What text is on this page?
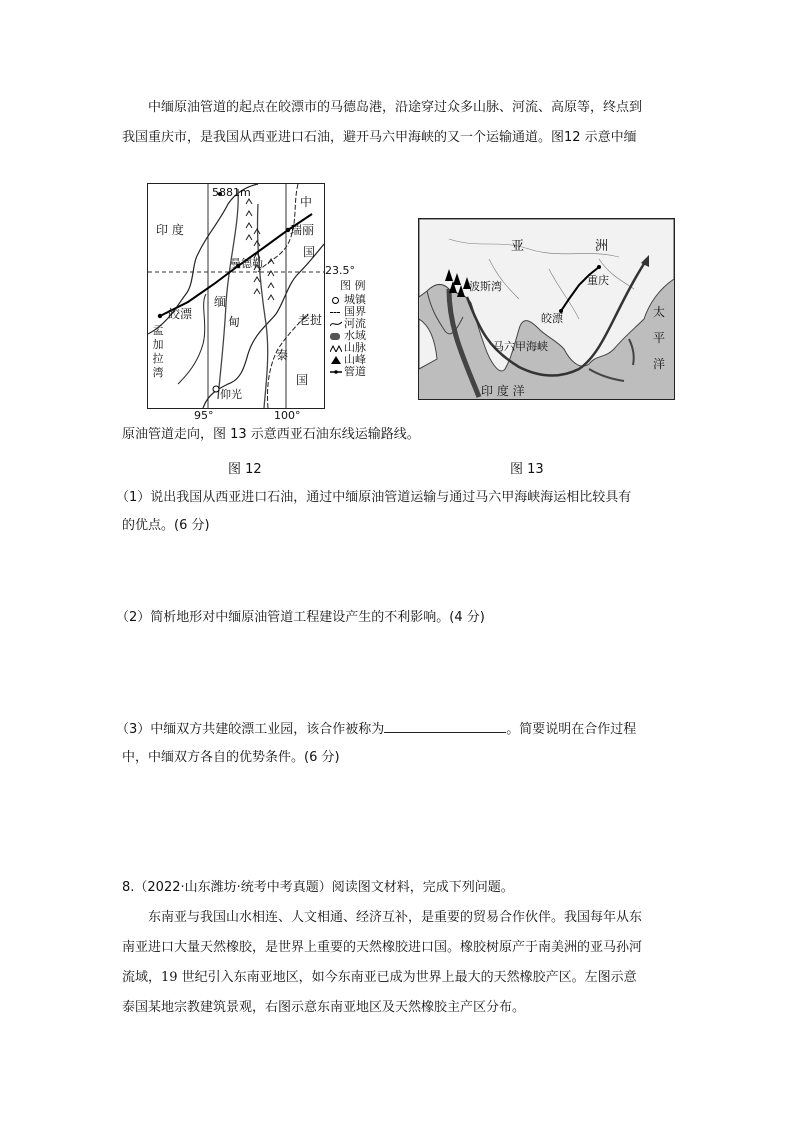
中缅原油管道的起点在皎漂市的马德岛港，沿途穿过众多山脉、河流、高原等，终点到
我国重庆市，是我国从西亚进口石油，避开马六甲海峡的又一个运输通道。图12 示意中缅
5881m
印 度
中
瑞丽
国
曼德勒
缅
甸
皎漂
孟加拉湾
仰光
泰
老挝
国
23.5°
图 例
城镇
国界
河流
水域
山脉
山峰
管道
95°	100°
亚	洲
波斯湾	重庆
皎漂
马六甲海峡
印 度 洋
太平洋
原油管道走向，图 13 示意西亚石油东线运输路线。
图 12	图 13
（1）说出我国从西亚进口石油，通过中缅原油管道运输与通过马六甲海峡海运相比较具有
的优点。(6 分)
（2）简析地形对中缅原油管道工程建设产生的不利影响。(4 分)
（3）中缅双方共建皎漂工业园，该合作被称为	。简要说明在合作过程
中，中缅双方各自的优势条件。(6 分)
8.（2022·山东潍坊·统考中考真题）阅读图文材料，完成下列问题。
东南亚与我国山水相连、人文相通、经济互补，是重要的贸易合作伙伴。我国每年从东
南亚进口大量天然橡胶，是世界上重要的天然橡胶进口国。橡胶树原产于南美洲的亚马孙河
流域，19 世纪引入东南亚地区，如今东南亚已成为世界上最大的天然橡胶产区。左图示意
泰国某地宗教建筑景观，右图示意东南亚地区及天然橡胶主产区分布。
